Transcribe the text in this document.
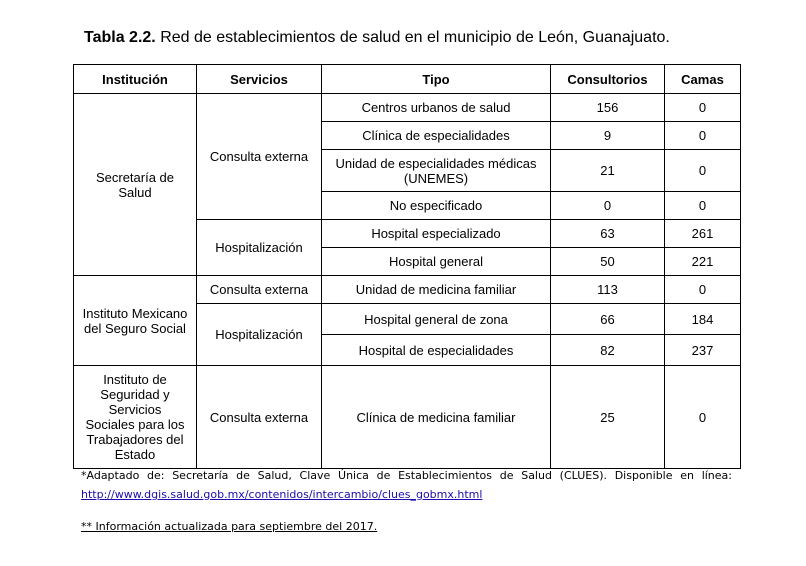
Tabla 2.2. Red de establecimientos de salud en el municipio de León, Guanajuato.
Institución	Servicios	Tipo	Consultorios	Camas
Secretaría de Salud	Consulta externa	Centros urbanos de salud	156	0
		Clínica de especialidades	9	0
		Unidad de especialidades médicas (UNEMES)	21	0
		No especificado	0	0
	Hospitalización	Hospital especializado	63	261
		Hospital general	50	221
Instituto Mexicano del Seguro Social	Consulta externa	Unidad de medicina familiar	113	0
	Hospitalización	Hospital general de zona	66	184
		Hospital de especialidades	82	237
Instituto de Seguridad y Servicios Sociales para los Trabajadores del Estado	Consulta externa	Clínica de medicina familiar	25	0
*Adaptado de: Secretaría de Salud, Clave Única de Establecimientos de Salud (CLUES). Disponible en línea:
http://www.dgis.salud.gob.mx/contenidos/intercambio/clues_gobmx.html
** Información actualizada para septiembre del 2017.
